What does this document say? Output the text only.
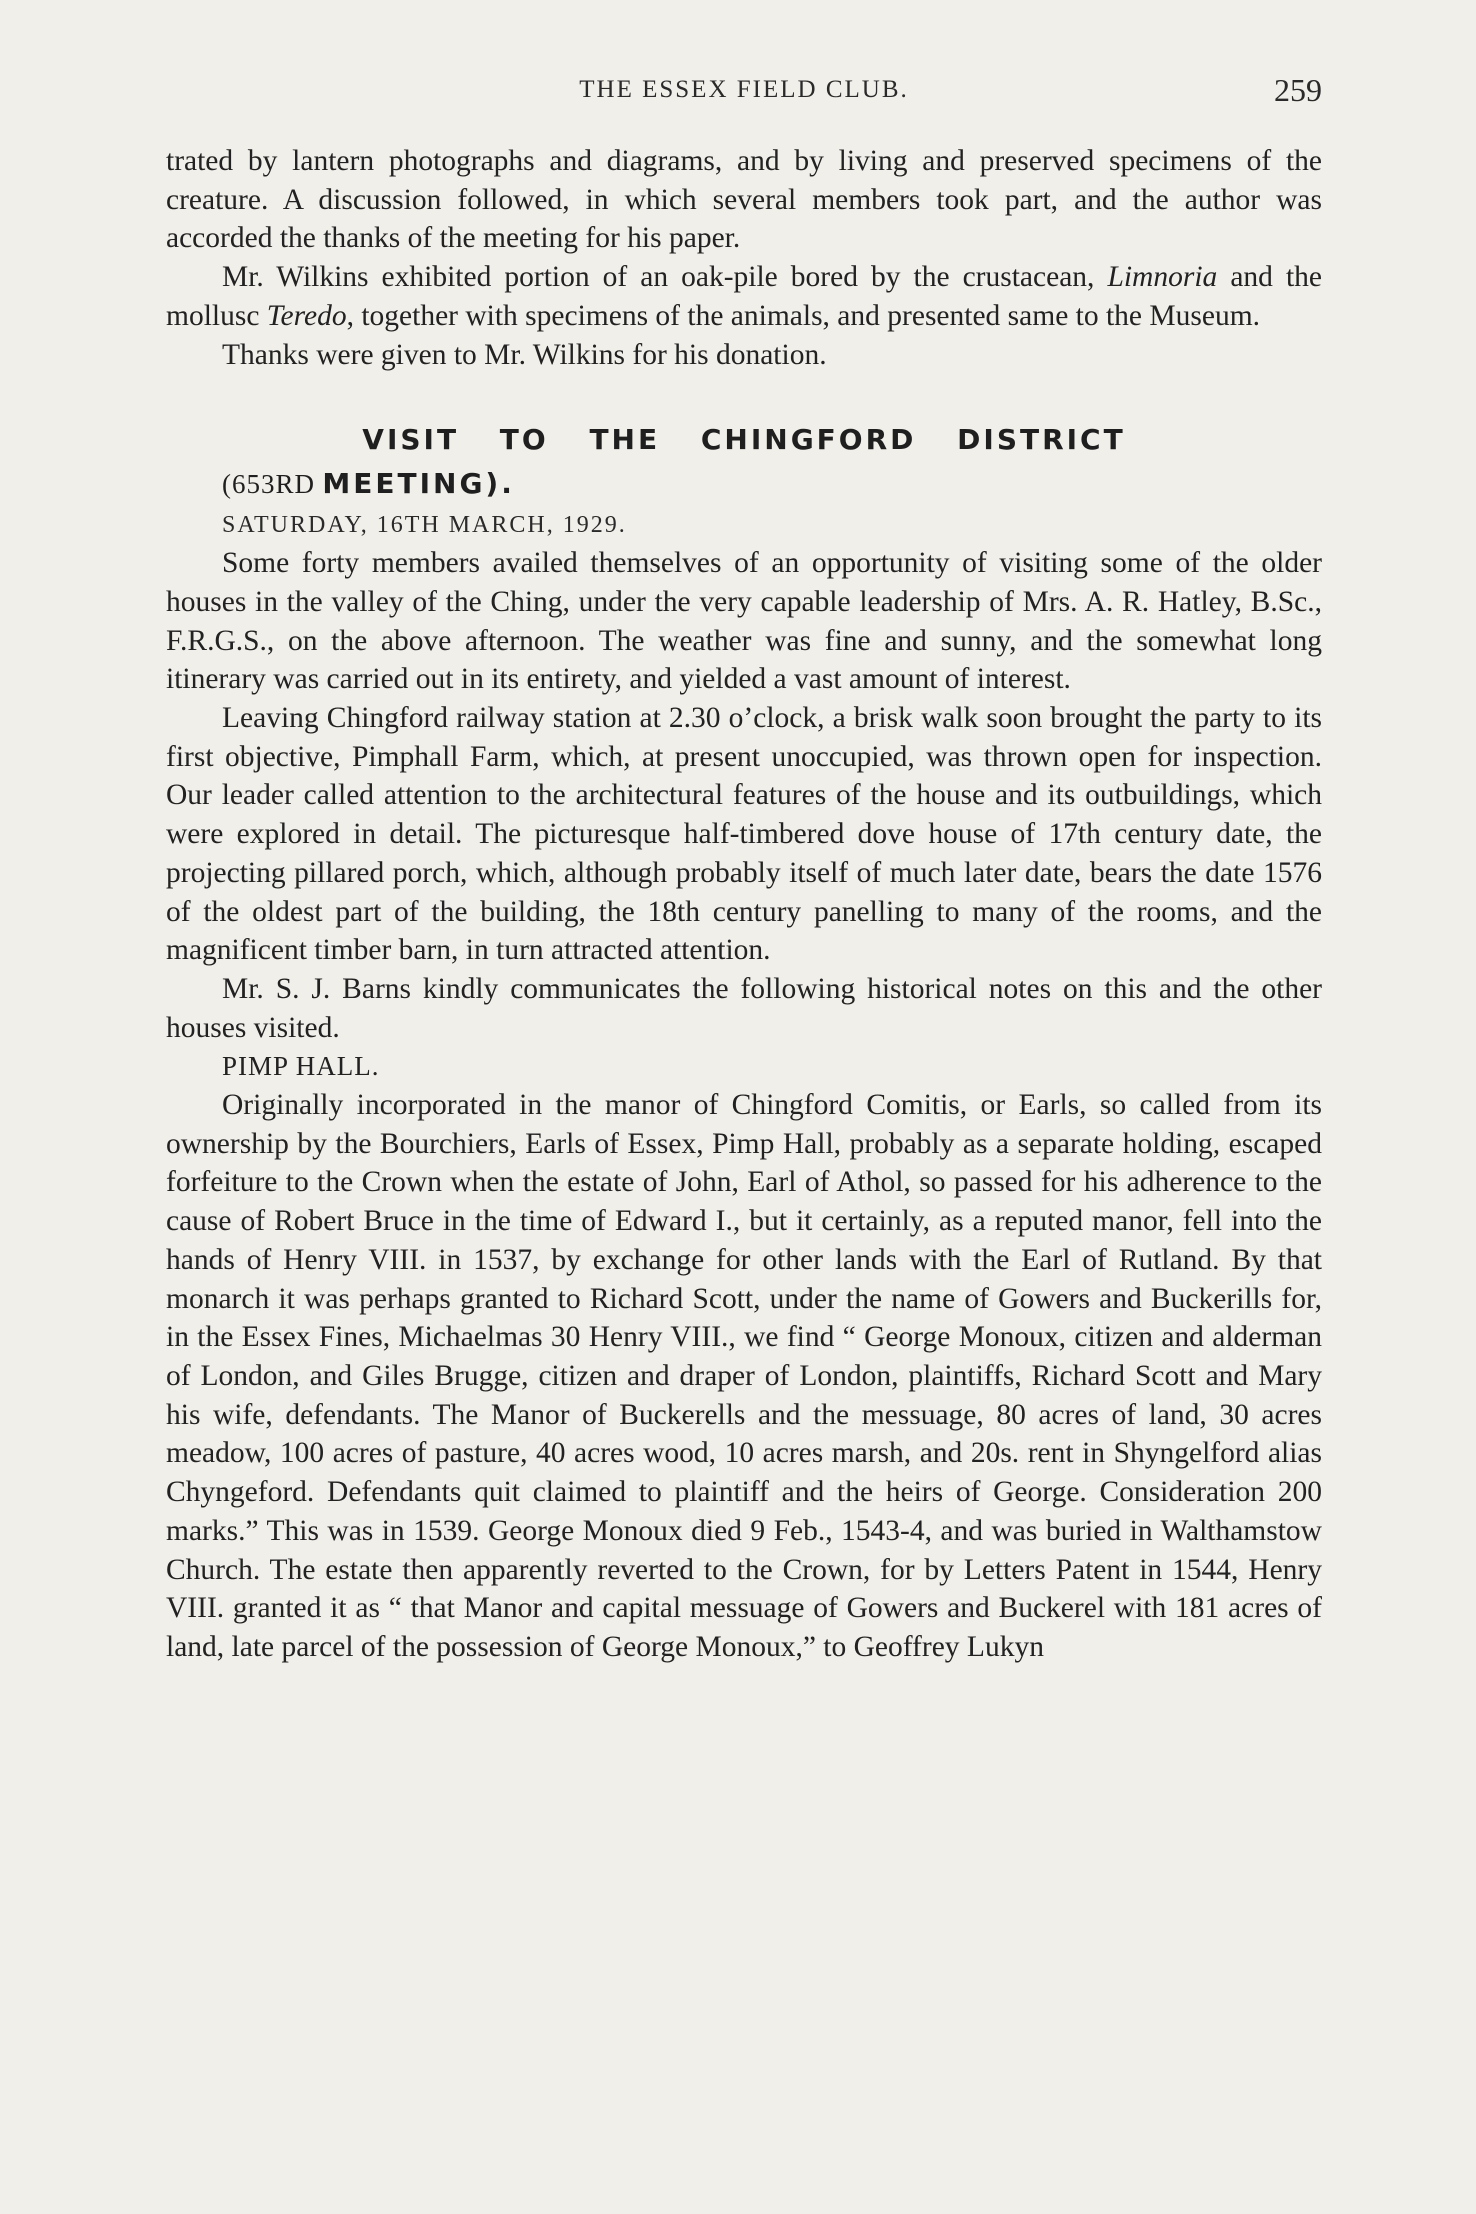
THE ESSEX FIELD CLUB.	259

trated by lantern photographs and diagrams, and by living and preserved specimens of the creature. A discussion followed, in which several members took part, and the author was accorded the thanks of the meeting for his paper.

Mr. Wilkins exhibited portion of an oak-pile bored by the crustacean, Limnoria and the mollusc Teredo, together with specimens of the animals, and presented same to the Museum.

Thanks were given to Mr. Wilkins for his donation.

VISIT TO THE CHINGFORD DISTRICT

(653RD MEETING).

SATURDAY, 16TH MARCH, 1929.

Some forty members availed themselves of an opportunity of visiting some of the older houses in the valley of the Ching, under the very capable leadership of Mrs. A. R. Hatley, B.Sc., F.R.G.S., on the above afternoon. The weather was fine and sunny, and the somewhat long itinerary was carried out in its entirety, and yielded a vast amount of interest.

Leaving Chingford railway station at 2.30 o’clock, a brisk walk soon brought the party to its first objective, Pimphall Farm, which, at present unoccupied, was thrown open for inspection. Our leader called attention to the architectural features of the house and its outbuildings, which were explored in detail. The picturesque half-timbered dove house of 17th century date, the projecting pillared porch, which, although probably itself of much later date, bears the date 1576 of the oldest part of the building, the 18th century panelling to many of the rooms, and the magnificent timber barn, in turn attracted attention.

Mr. S. J. Barns kindly communicates the following historical notes on this and the other houses visited.

PIMP HALL.

Originally incorporated in the manor of Chingford Comitis, or Earls, so called from its ownership by the Bourchiers, Earls of Essex, Pimp Hall, probably as a separate holding, escaped forfeiture to the Crown when the estate of John, Earl of Athol, so passed for his adherence to the cause of Robert Bruce in the time of Edward I., but it certainly, as a reputed manor, fell into the hands of Henry VIII. in 1537, by exchange for other lands with the Earl of Rutland. By that monarch it was perhaps granted to Richard Scott, under the name of Gowers and Buckerills for, in the Essex Fines, Michaelmas 30 Henry VIII., we find “ George Monoux, citizen and alderman of London, and Giles Brugge, citizen and draper of London, plaintiffs, Richard Scott and Mary his wife, defendants. The Manor of Buckerells and the messuage, 80 acres of land, 30 acres meadow, 100 acres of pasture, 40 acres wood, 10 acres marsh, and 20s. rent in Shyngelford alias Chyngeford. Defendants quit claimed to plaintiff and the heirs of George. Consideration 200 marks.” This was in 1539. George Monoux died 9 Feb., 1543-4, and was buried in Walthamstow Church. The estate then apparently reverted to the Crown, for by Letters Patent in 1544, Henry VIII. granted it as “ that Manor and capital messuage of Gowers and Buckerel with 181 acres of land, late parcel of the possession of George Monoux,” to Geoffrey Lukyn
